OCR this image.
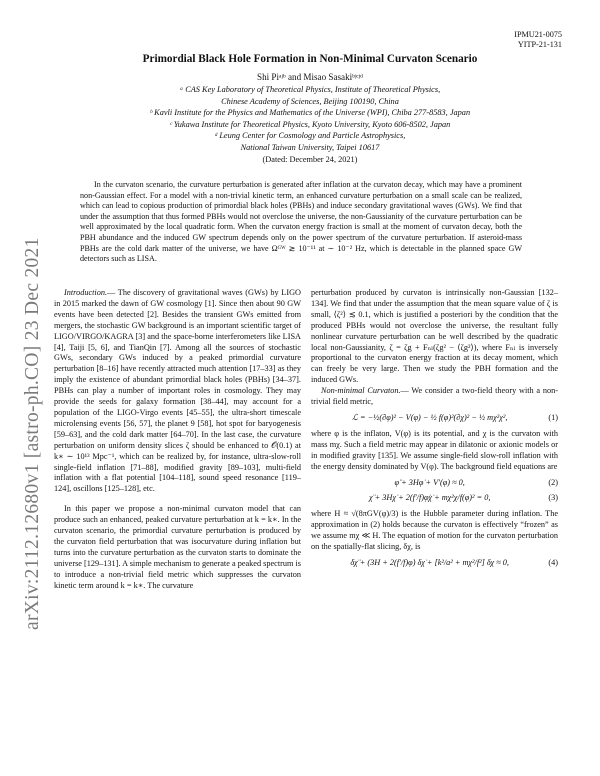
arXiv:2112.12680v1 [astro-ph.CO] 23 Dec 2021
IPMU21-0075
YITP-21-131
Primordial Black Hole Formation in Non-Minimal Curvaton Scenario
Shi Piᵃʲᵇ and Misao Sasakiᵇʲᶜʲᵈ
ᵃ CAS Key Laboratory of Theoretical Physics, Institute of Theoretical Physics,
Chinese Academy of Sciences, Beijing 100190, China
ᵇ Kavli Institute for the Physics and Mathematics of the Universe (WPI), Chiba 277-8583, Japan
ᶜ Yukawa Institute for Theoretical Physics, Kyoto University, Kyoto 606-8502, Japan
ᵈ Leung Center for Cosmology and Particle Astrophysics,
National Taiwan University, Taipei 10617
(Dated: December 24, 2021)

In the curvaton scenario, the curvature perturbation is generated after inflation at the curvaton decay, which may have a prominent non-Gaussian effect. For a model with a non-trivial kinetic term, an enhanced curvature perturbation on a small scale can be realized, which can lead to copious production of primordial black holes (PBHs) and induce secondary gravitational waves (GWs). We find that under the assumption that thus formed PBHs would not overclose the universe, the non-Gaussianity of the curvature perturbation can be well approximated by the local quadratic form. When the curvaton energy fraction is small at the moment of curvaton decay, both the PBH abundance and the induced GW spectrum depends only on the power spectrum of the curvature perturbation. If asteroid-mass PBHs are the cold dark matter of the universe, we have Ωᴳᵂ ≳ 10⁻¹¹ at ∼ 10⁻² Hz, which is detectable in the planned space GW detectors such as LISA.

Introduction.— The discovery of gravitational waves (GWs) by LIGO in 2015 marked the dawn of GW cosmology [1]. Since then about 90 GW events have been detected [2]. Besides the transient GWs emitted from mergers, the stochastic GW background is an important scientific target of LIGO/VIRGO/KAGRA [3] and the space-borne interferometers like LISA [4], Taiji [5, 6], and TianQin [7]. Among all the sources of stochastic GWs, secondary GWs induced by a peaked primordial curvature perturbation [8–16] have recently attracted much attention [17–33] as they imply the existence of abundant primordial black holes (PBHs) [34–37]. PBHs can play a number of important roles in cosmology. They may provide the seeds for galaxy formation [38–44], may account for a population of the LIGO-Virgo events [45–55], the ultra-short timescale microlensing events [56, 57], the planet 9 [58], hot spot for baryogenesis [59–63], and the cold dark matter [64–70]. In the last case, the curvature perturbation on uniform density slices ζ should be enhanced to 𝒪(0.1) at k∗ ∼ 10¹³ Mpc⁻¹, which can be realized by, for instance, ultra-slow-roll single-field inflation [71–88], modified gravity [89–103], multi-field inflation with a flat potential [104–118], sound speed resonance [119–124], oscillons [125–128], etc.

In this paper we propose a non-minimal curvaton model that can produce such an enhanced, peaked curvature perturbation at k = k∗. In the curvaton scenario, the primordial curvature perturbation is produced by the curvaton field perturbation that was isocurvature during inflation but turns into the curvature perturbation as the curvaton starts to dominate the universe [129–131]. A simple mechanism to generate a peaked spectrum is to introduce a non-trivial field metric which suppresses the curvaton kinetic term around k = k∗. The curvature

perturbation produced by curvaton is intrinsically non-Gaussian [132–134]. We find that under the assumption that the mean square value of ζ is small, ⟨ζ²⟩ ≲ 0.1, which is justified a posteriori by the condition that the produced PBHs would not overclose the universe, the resultant fully nonlinear curvature perturbation can be well described by the quadratic local non-Gaussianity, ζ = ζg + Fₙₗ(ζg² − ⟨ζg²⟩), where Fₙₗ is inversely proportional to the curvaton energy fraction at its decay moment, which can freely be very large. Then we study the PBH formation and the induced GWs.

Non-minimal Curvaton.— We consider a two-field theory with a non-trivial field metric,

ℒ = −½(∂φ)² − V(φ) − ½ f(φ)²(∂χ)² − ½ mχ²χ²,	(1)

where φ is the inflaton, V(φ) is its potential, and χ is the curvaton with mass mχ. Such a field metric may appear in dilatonic or axionic models or in modified gravity [135]. We assume single-field slow-roll inflation with the energy density dominated by V(φ). The background field equations are

φ̈ + 3Hφ̇ + V′(φ) ≈ 0,	(2)
χ̈ + 3Hχ̇ + 2(f′/f)φ̇χ̇ + mχ²χ/f(φ)² = 0,	(3)

where H ≈ √(8πGV(φ)/3) is the Hubble parameter during inflation. The approximation in (2) holds because the curvaton is effectively “frozen” as we assume mχ ≪ H. The equation of motion for the curvaton perturbation on the spatially-flat slicing, δχ, is

δχ̈ + (3H + 2(f′/f)φ̇) δχ̇ + [k²/a² + mχ²/f²] δχ ≈ 0,	(4)
